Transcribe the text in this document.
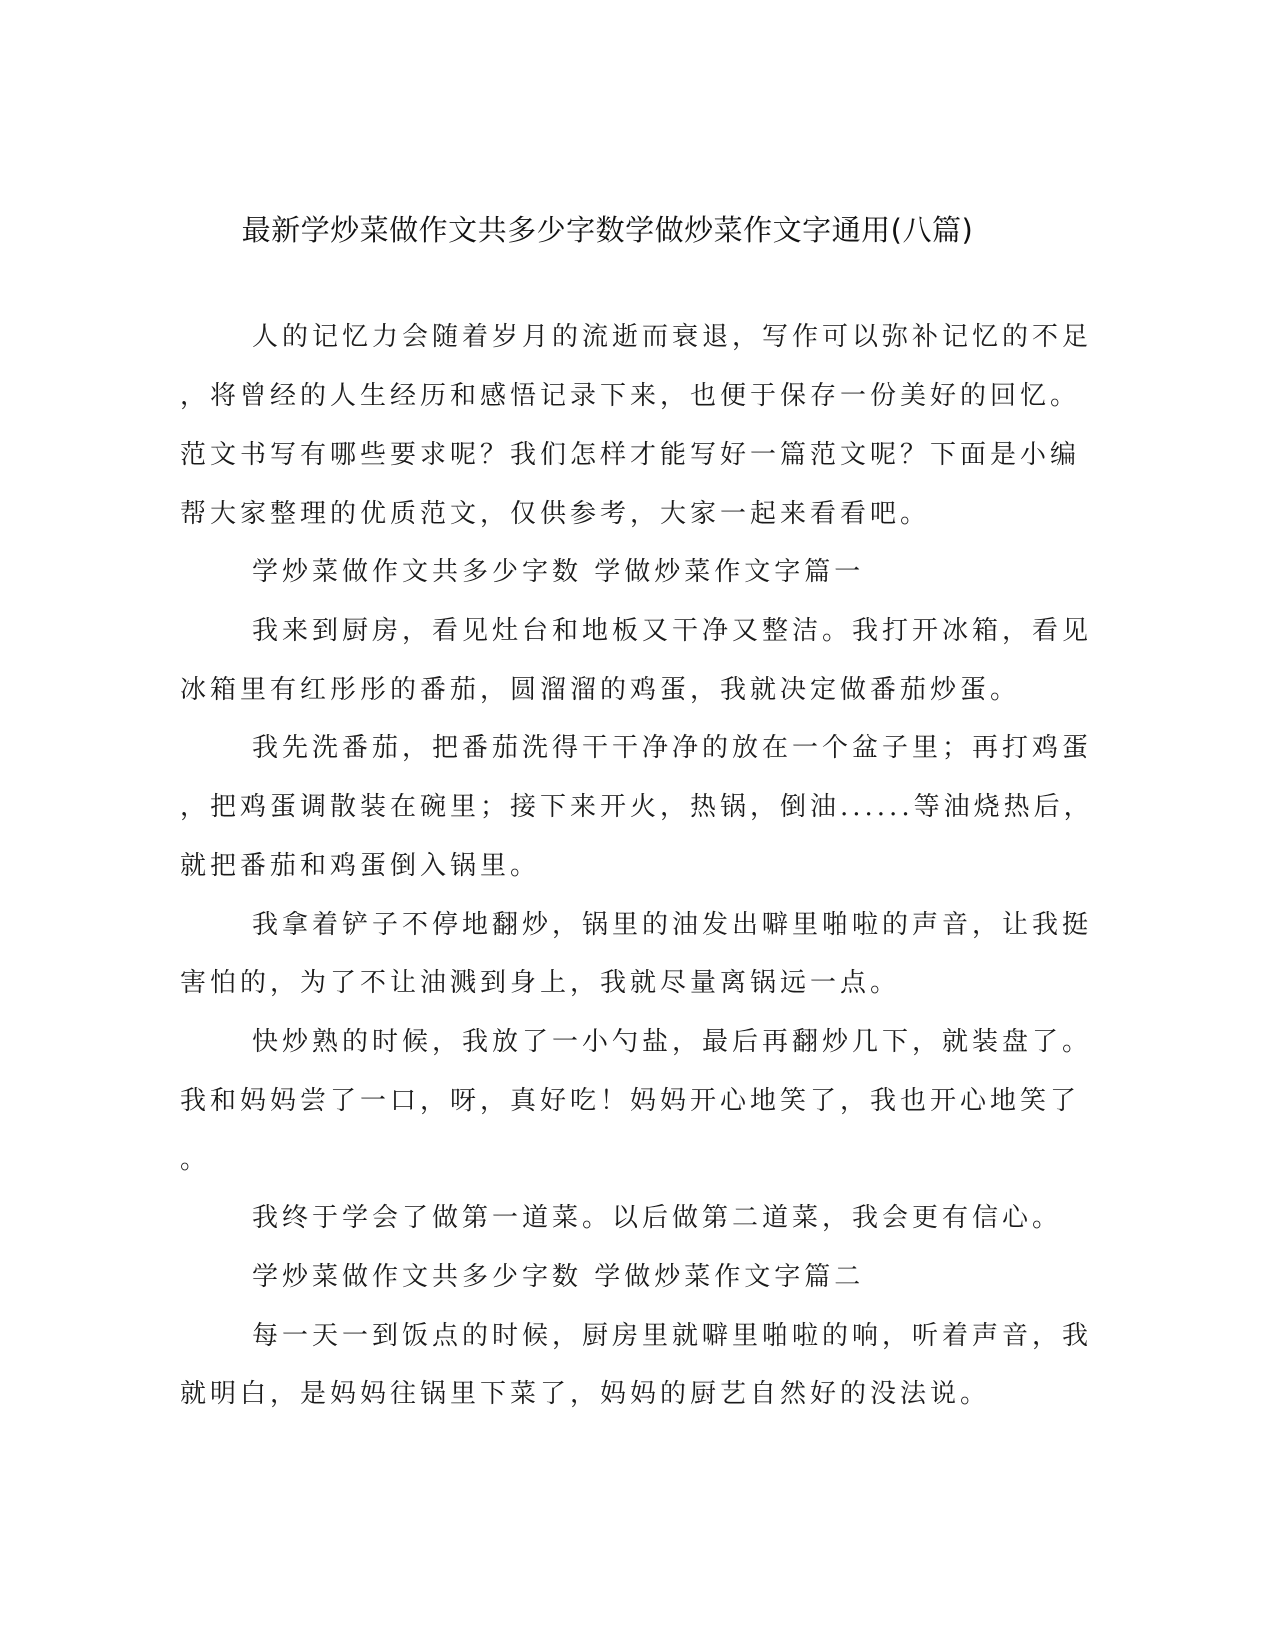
最新学炒菜做作文共多少字数学做炒菜作文字通用(八篇)
人的记忆力会随着岁月的流逝而衰退，写作可以弥补记忆的不足
，将曾经的人生经历和感悟记录下来，也便于保存一份美好的回忆。
范文书写有哪些要求呢？我们怎样才能写好一篇范文呢？下面是小编
帮大家整理的优质范文，仅供参考，大家一起来看看吧。
学炒菜做作文共多少字数 学做炒菜作文字篇一
我来到厨房，看见灶台和地板又干净又整洁。我打开冰箱，看见
冰箱里有红彤彤的番茄，圆溜溜的鸡蛋，我就决定做番茄炒蛋。
我先洗番茄，把番茄洗得干干净净的放在一个盆子里；再打鸡蛋
，把鸡蛋调散装在碗里；接下来开火，热锅，倒油......等油烧热后，
就把番茄和鸡蛋倒入锅里。
我拿着铲子不停地翻炒，锅里的油发出噼里啪啦的声音，让我挺
害怕的，为了不让油溅到身上，我就尽量离锅远一点。
快炒熟的时候，我放了一小勺盐，最后再翻炒几下，就装盘了。
我和妈妈尝了一口，呀，真好吃！妈妈开心地笑了，我也开心地笑了
。
我终于学会了做第一道菜。以后做第二道菜，我会更有信心。
学炒菜做作文共多少字数 学做炒菜作文字篇二
每一天一到饭点的时候，厨房里就噼里啪啦的响，听着声音，我
就明白，是妈妈往锅里下菜了，妈妈的厨艺自然好的没法说。
